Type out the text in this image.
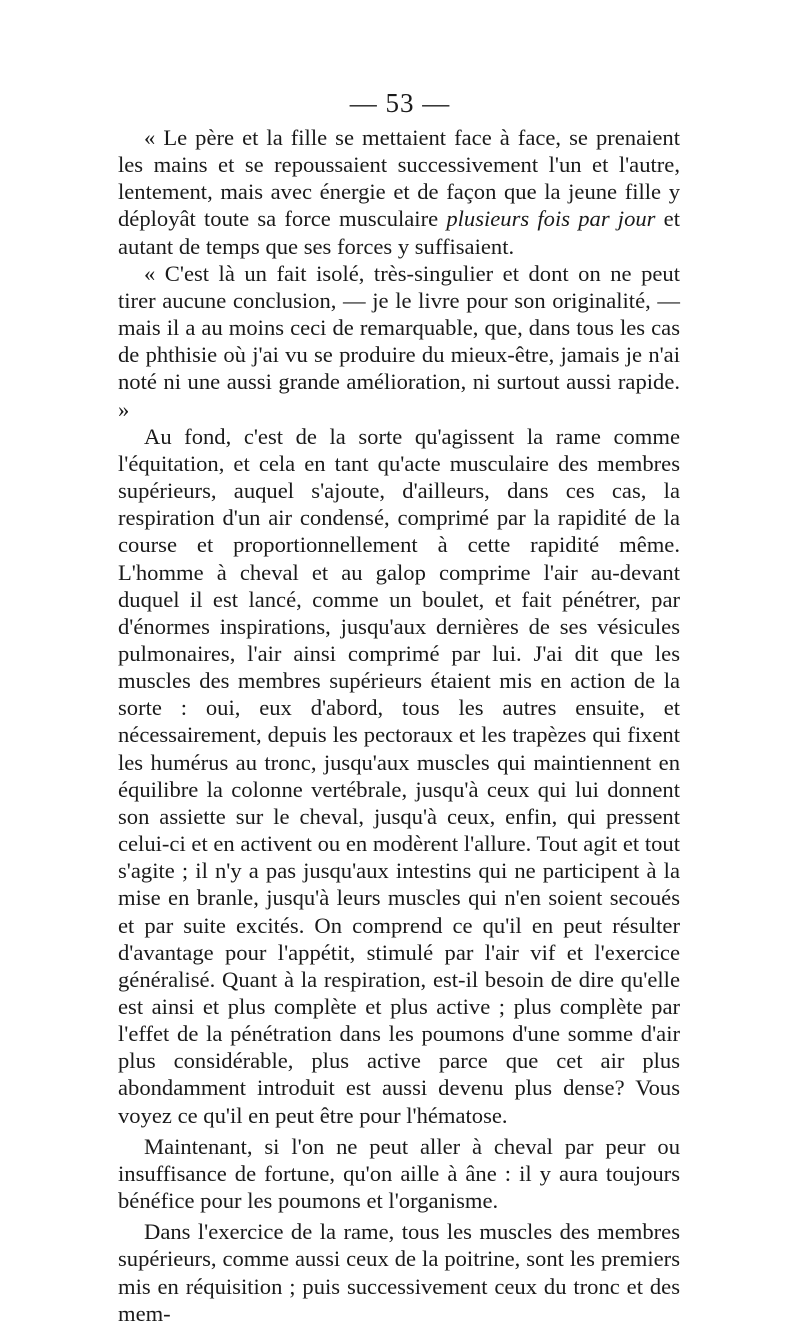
— 53 —

« Le père et la fille se mettaient face à face, se prenaient les mains et se repoussaient successivement l'un et l'autre, lentement, mais avec énergie et de façon que la jeune fille y déployât toute sa force musculaire plusieurs fois par jour et autant de temps que ses forces y suffisaient.

« C'est là un fait isolé, très-singulier et dont on ne peut tirer aucune conclusion, — je le livre pour son originalité, — mais il a au moins ceci de remarquable, que, dans tous les cas de phthisie où j'ai vu se produire du mieux-être, jamais je n'ai noté ni une aussi grande amélioration, ni surtout aussi rapide. »

Au fond, c'est de la sorte qu'agissent la rame comme l'équitation, et cela en tant qu'acte musculaire des membres supérieurs, auquel s'ajoute, d'ailleurs, dans ces cas, la respiration d'un air condensé, comprimé par la rapidité de la course et proportionnellement à cette rapidité même. L'homme à cheval et au galop comprime l'air au-devant duquel il est lancé, comme un boulet, et fait pénétrer, par d'énormes inspirations, jusqu'aux dernières de ses vésicules pulmonaires, l'air ainsi comprimé par lui. J'ai dit que les muscles des membres supérieurs étaient mis en action de la sorte : oui, eux d'abord, tous les autres ensuite, et nécessairement, depuis les pectoraux et les trapèzes qui fixent les humérus au tronc, jusqu'aux muscles qui maintiennent en équilibre la colonne vertébrale, jusqu'à ceux qui lui donnent son assiette sur le cheval, jusqu'à ceux, enfin, qui pressent celui-ci et en activent ou en modèrent l'allure. Tout agit et tout s'agite ; il n'y a pas jusqu'aux intestins qui ne participent à la mise en branle, jusqu'à leurs muscles qui n'en soient secoués et par suite excités. On comprend ce qu'il en peut résulter d'avantage pour l'appétit, stimulé par l'air vif et l'exercice généralisé. Quant à la respiration, est-il besoin de dire qu'elle est ainsi et plus complète et plus active ; plus complète par l'effet de la pénétration dans les poumons d'une somme d'air plus considérable, plus active parce que cet air plus abondamment introduit est aussi devenu plus dense? Vous voyez ce qu'il en peut être pour l'hématose.

Maintenant, si l'on ne peut aller à cheval par peur ou insuffisance de fortune, qu'on aille à âne : il y aura toujours bénéfice pour les poumons et l'organisme.

Dans l'exercice de la rame, tous les muscles des membres supérieurs, comme aussi ceux de la poitrine, sont les premiers mis en réquisition ; puis successivement ceux du tronc et des mem-
